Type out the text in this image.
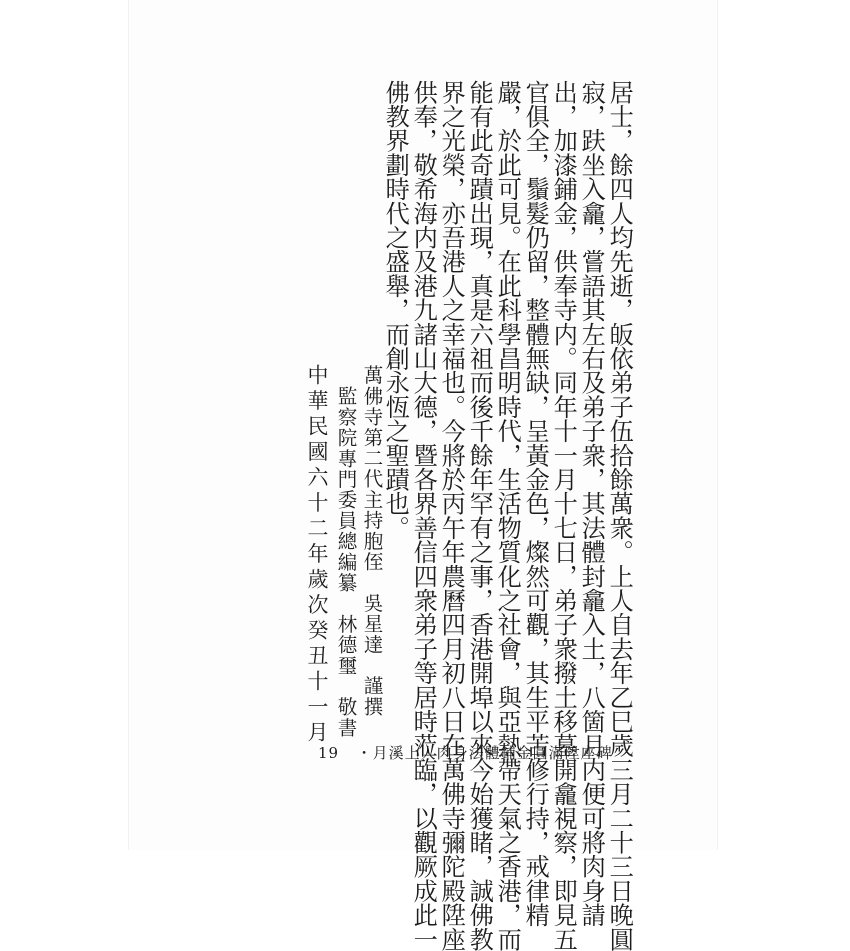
居士，餘四人均先逝，皈依弟子伍拾餘萬衆。上人自去年乙巳歲三月二十三日晚圓
寂，趺坐入龕，嘗語其左右及弟子衆，其法體封龕入土，八箇月内便可將肉身請
出，加漆鋪金，供奉寺内。同年十一月十七日，弟子衆撥土移墓開龕視察，即見五
官俱全，鬚髮仍留，整體無缺，呈黃金色，燦然可觀，其生平苦修行持，戒律精
嚴，於此可見。在此科學昌明時代，生活物質化之社會，與亞熱帶天氣之香港，而
能有此奇蹟出現，真是六祖而後千餘年罕有之事，香港開埠以來今始獲睹，誠佛教
界之光榮，亦吾港人之幸福也。今將於丙午年農曆四月初八日在萬佛寺彌陀殿陞座
供奉，敬希海内及港九諸山大德，暨各界善信四衆弟子等居時蒞臨，以觀厥成此一
佛教界劃時代之盛舉，而創永恆之聖蹟也。
萬佛寺第二代主持胞侄　吳星達　謹撰
監察院專門委員總編纂　林德璽　敬書
中華民國六十二年歲次癸丑十一月
19 ・月溪上人肉身法體鋪金圓滿陞座碑
